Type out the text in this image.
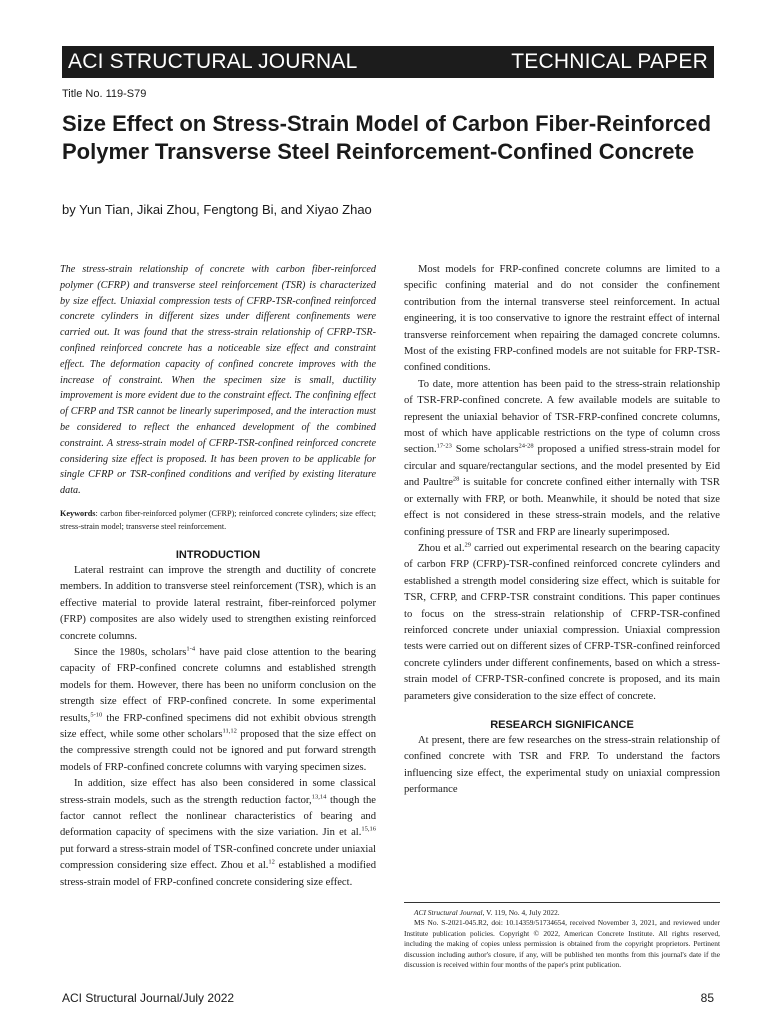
ACI STRUCTURAL JOURNAL	TECHNICAL PAPER
Title No. 119-S79
Size Effect on Stress-Strain Model of Carbon Fiber-Reinforced Polymer Transverse Steel Reinforcement-Confined Concrete
by Yun Tian, Jikai Zhou, Fengtong Bi, and Xiyao Zhao

The stress-strain relationship of concrete with carbon fiber-reinforced polymer (CFRP) and transverse steel reinforcement (TSR) is characterized by size effect. Uniaxial compression tests of CFRP-TSR-confined reinforced concrete cylinders in different sizes under different confinements were carried out. It was found that the stress-strain relationship of CFRP-TSR-confined reinforced concrete has a noticeable size effect and constraint effect. The deformation capacity of confined concrete improves with the increase of constraint. When the specimen size is small, ductility improvement is more evident due to the constraint effect. The confining effect of CFRP and TSR cannot be linearly superimposed, and the interaction must be considered to reflect the enhanced development of the combined constraint. A stress-strain model of CFRP-TSR-confined reinforced concrete considering size effect is proposed. It has been proven to be applicable for single CFRP or TSR-confined conditions and verified by existing literature data.

Keywords: carbon fiber-reinforced polymer (CFRP); reinforced concrete cylinders; size effect; stress-strain model; transverse steel reinforcement.

INTRODUCTION

Lateral restraint can improve the strength and ductility of concrete members. In addition to transverse steel reinforcement (TSR), which is an effective material to provide lateral restraint, fiber-reinforced polymer (FRP) composites are also widely used to strengthen existing reinforced concrete columns.

Since the 1980s, scholars$^{1-4}$ have paid close attention to the bearing capacity of FRP-confined concrete columns and established strength models for them. However, there has been no uniform conclusion on the strength size effect of FRP-confined concrete. In some experimental results,$^{5-10}$ the FRP-confined specimens did not exhibit obvious strength size effect, while some other scholars$^{11,12}$ proposed that the size effect on the compressive strength could not be ignored and put forward strength models of FRP-confined concrete columns with varying specimen sizes.

In addition, size effect has also been considered in some classical stress-strain models, such as the strength reduction factor,$^{13,14}$ though the factor cannot reflect the nonlinear characteristics of bearing and deformation capacity of specimens with the size variation. Jin et al.$^{15,16}$ put forward a stress-strain model of TSR-confined concrete under uniaxial compression considering size effect. Zhou et al.$^{12}$ established a modified stress-strain model of FRP-confined concrete considering size effect.

Most models for FRP-confined concrete columns are limited to a specific confining material and do not consider the confinement contribution from the internal transverse steel reinforcement. In actual engineering, it is too conservative to ignore the restraint effect of internal transverse reinforcement when repairing the damaged concrete columns. Most of the existing FRP-confined models are not suitable for FRP-TSR-confined conditions.

To date, more attention has been paid to the stress-strain relationship of TSR-FRP-confined concrete. A few available models are suitable to represent the uniaxial behavior of TSR-FRP-confined concrete columns, most of which have applicable restrictions on the type of column cross section.$^{17-23}$ Some scholars$^{24-28}$ proposed a unified stress-strain model for circular and square/rectangular sections, and the model presented by Eid and Paultre$^{28}$ is suitable for concrete confined either internally with TSR or externally with FRP, or both. Meanwhile, it should be noted that size effect is not considered in these stress-strain models, and the relative confining pressure of TSR and FRP are linearly superimposed.

Zhou et al.$^{29}$ carried out experimental research on the bearing capacity of carbon FRP (CFRP)-TSR-confined reinforced concrete cylinders and established a strength model considering size effect, which is suitable for TSR, CFRP, and CFRP-TSR constraint conditions. This paper continues to focus on the stress-strain relationship of CFRP-TSR-confined reinforced concrete under uniaxial compression. Uniaxial compression tests were carried out on different sizes of CFRP-TSR-confined reinforced concrete cylinders under different confinements, based on which a stress-strain model of CFRP-TSR-confined concrete is proposed, and its main parameters give consideration to the size effect of concrete.

RESEARCH SIGNIFICANCE

At present, there are few researches on the stress-strain relationship of confined concrete with TSR and FRP. To understand the factors influencing size effect, the experimental study on uniaxial compression performance

ACI Structural Journal, V. 119, No. 4, July 2022.

MS No. S-2021-045.R2, doi: 10.14359/51734654, received November 3, 2021, and reviewed under Institute publication policies. Copyright © 2022, American Concrete Institute. All rights reserved, including the making of copies unless permission is obtained from the copyright proprietors. Pertinent discussion including author's closure, if any, will be published ten months from this journal's date if the discussion is received within four months of the paper's print publication.

ACI Structural Journal/July 2022	85
